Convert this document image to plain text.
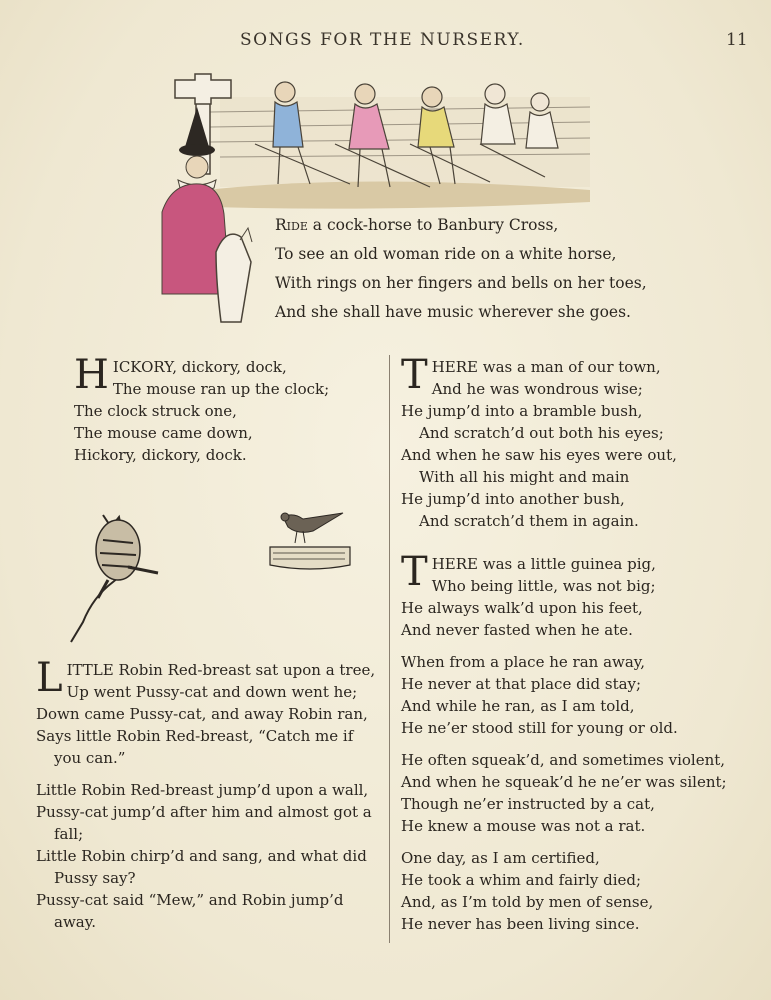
SONGS FOR THE NURSERY.	11
Ride a cock-horse to Banbury Cross,
To see an old woman ride on a white horse,
With rings on her fingers and bells on her toes,
And she shall have music wherever she goes.
H ICKORY, dickory, dock,
The mouse ran up the clock;
The clock struck one,
The mouse came down,
Hickory, dickory, dock.
L ITTLE Robin Red-breast sat upon a tree,
Up went Pussy-cat and down went he;
Down came Pussy-cat, and away Robin ran,
Says little Robin Red-breast, “Catch me if
you can.”
Little Robin Red-breast jump’d upon a wall,
Pussy-cat jump’d after him and almost got a
fall;
Little Robin chirp’d and sang, and what did
Pussy say?
Pussy-cat said “Mew,” and Robin jump’d
away.
T HERE was a man of our town,
And he was wondrous wise;
He jump’d into a bramble bush,
And scratch’d out both his eyes;
And when he saw his eyes were out,
With all his might and main
He jump’d into another bush,
And scratch’d them in again.
T HERE was a little guinea pig,
Who being little, was not big;
He always walk’d upon his feet,
And never fasted when he ate.
When from a place he ran away,
He never at that place did stay;
And while he ran, as I am told,
He ne’er stood still for young or old.
He often squeak’d, and sometimes violent,
And when he squeak’d he ne’er was silent;
Though ne’er instructed by a cat,
He knew a mouse was not a rat.
One day, as I am certified,
He took a whim and fairly died;
And, as I’m told by men of sense,
He never has been living since.
